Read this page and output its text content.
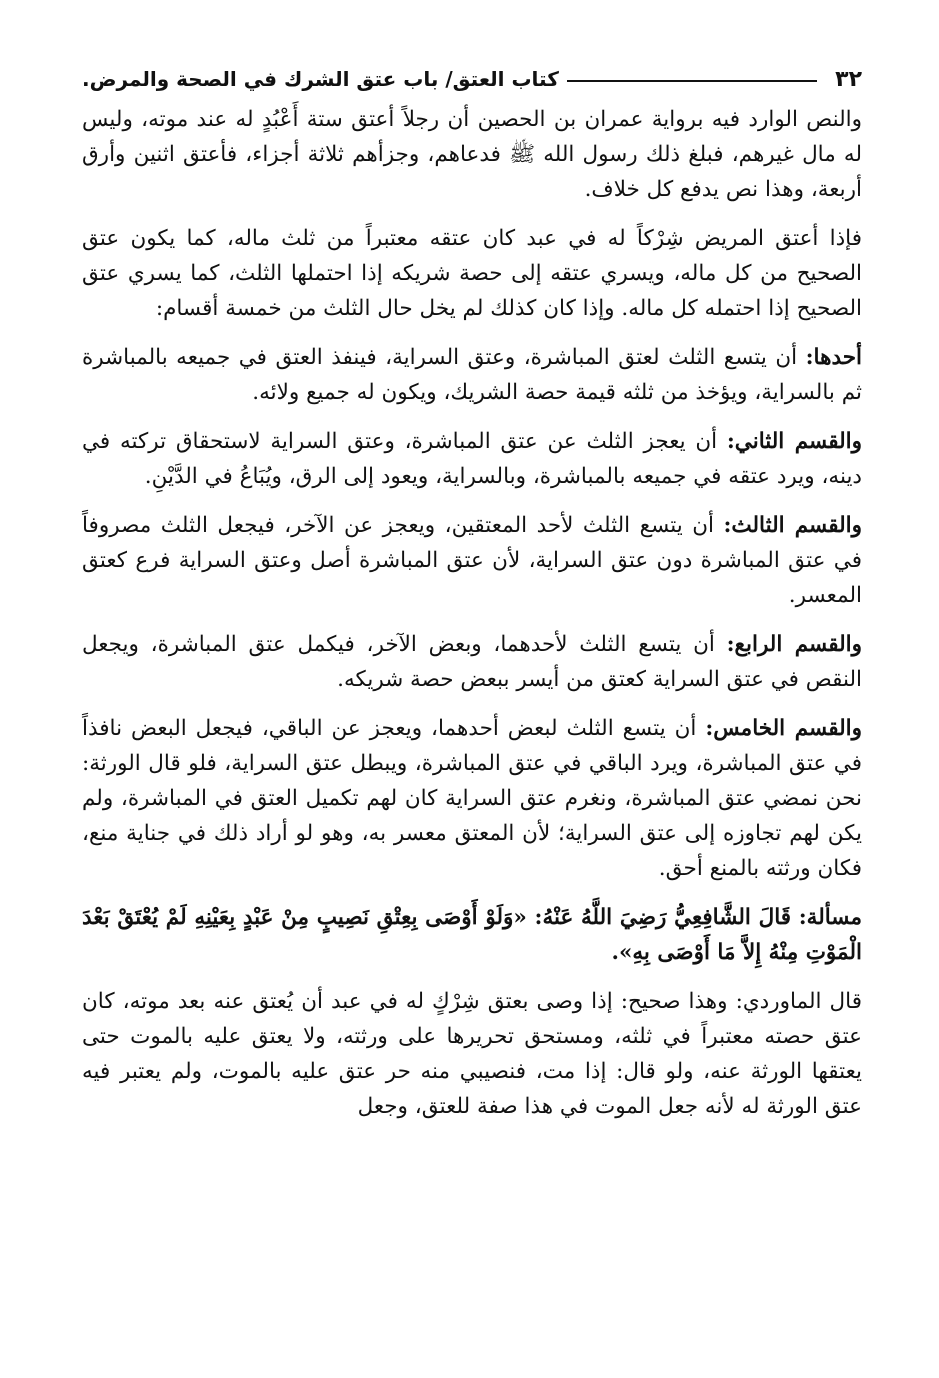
٣٢
كتاب العتق/ باب عتق الشرك في الصحة والمرض.

والنص الوارد فيه برواية عمران بن الحصين أن رجلاً أعتق ستة أَعْبُدٍ له عند موته، وليس له مال غيرهم، فبلغ ذلك رسول الله ﷺ فدعاهم، وجزأهم ثلاثة أجزاء، فأعتق اثنين وأرق أربعة، وهذا نص يدفع كل خلاف.

فإذا أعتق المريض شِرْكاً له في عبد كان عتقه معتبراً من ثلث ماله، كما يكون عتق الصحيح من كل ماله، ويسري عتقه إلى حصة شريكه إذا احتملها الثلث، كما يسري عتق الصحيح إذا احتمله كل ماله. وإذا كان كذلك لم يخل حال الثلث من خمسة أقسام:

أحدها: أن يتسع الثلث لعتق المباشرة، وعتق السراية، فينفذ العتق في جميعه بالمباشرة ثم بالسراية، ويؤخذ من ثلثه قيمة حصة الشريك، ويكون له جميع ولائه.

والقسم الثاني: أن يعجز الثلث عن عتق المباشرة، وعتق السراية لاستحقاق تركته في دينه، ويرد عتقه في جميعه بالمباشرة، وبالسراية، ويعود إلى الرق، ويُبَاعُ في الدَّيْنِ.

والقسم الثالث: أن يتسع الثلث لأحد المعتقين، ويعجز عن الآخر، فيجعل الثلث مصروفاً في عتق المباشرة دون عتق السراية، لأن عتق المباشرة أصل وعتق السراية فرع كعتق المعسر.

والقسم الرابع: أن يتسع الثلث لأحدهما، وبعض الآخر، فيكمل عتق المباشرة، ويجعل النقص في عتق السراية كعتق من أيسر ببعض حصة شريكه.

والقسم الخامس: أن يتسع الثلث لبعض أحدهما، ويعجز عن الباقي، فيجعل البعض نافذاً في عتق المباشرة، ويرد الباقي في عتق المباشرة، ويبطل عتق السراية، فلو قال الورثة: نحن نمضي عتق المباشرة، ونغرم عتق السراية كان لهم تكميل العتق في المباشرة، ولم يكن لهم تجاوزه إلى عتق السراية؛ لأن المعتق معسر به، وهو لو أراد ذلك في جناية منع، فكان ورثته بالمنع أحق.

مسألة: قَالَ الشَّافِعِيُّ رَضِيَ اللَّهُ عَنْهُ: «وَلَوْ أَوْصَى بِعِتْقِ نَصِيبٍ مِنْ عَبْدٍ بِعَيْنِهِ لَمْ يُعْتَقْ بَعْدَ الْمَوْتِ مِنْهُ إِلاَّ مَا أَوْصَى بِهِ».

قال الماوردي: وهذا صحيح: إذا وصى بعتق شِرْكٍ له في عبد أن يُعتق عنه بعد موته، كان عتق حصته معتبراً في ثلثه، ومستحق تحريرها على ورثته، ولا يعتق عليه بالموت حتى يعتقها الورثة عنه، ولو قال: إذا مت، فنصيبي منه حر عتق عليه بالموت، ولم يعتبر فيه عتق الورثة له لأنه جعل الموت في هذا صفة للعتق، وجعل
